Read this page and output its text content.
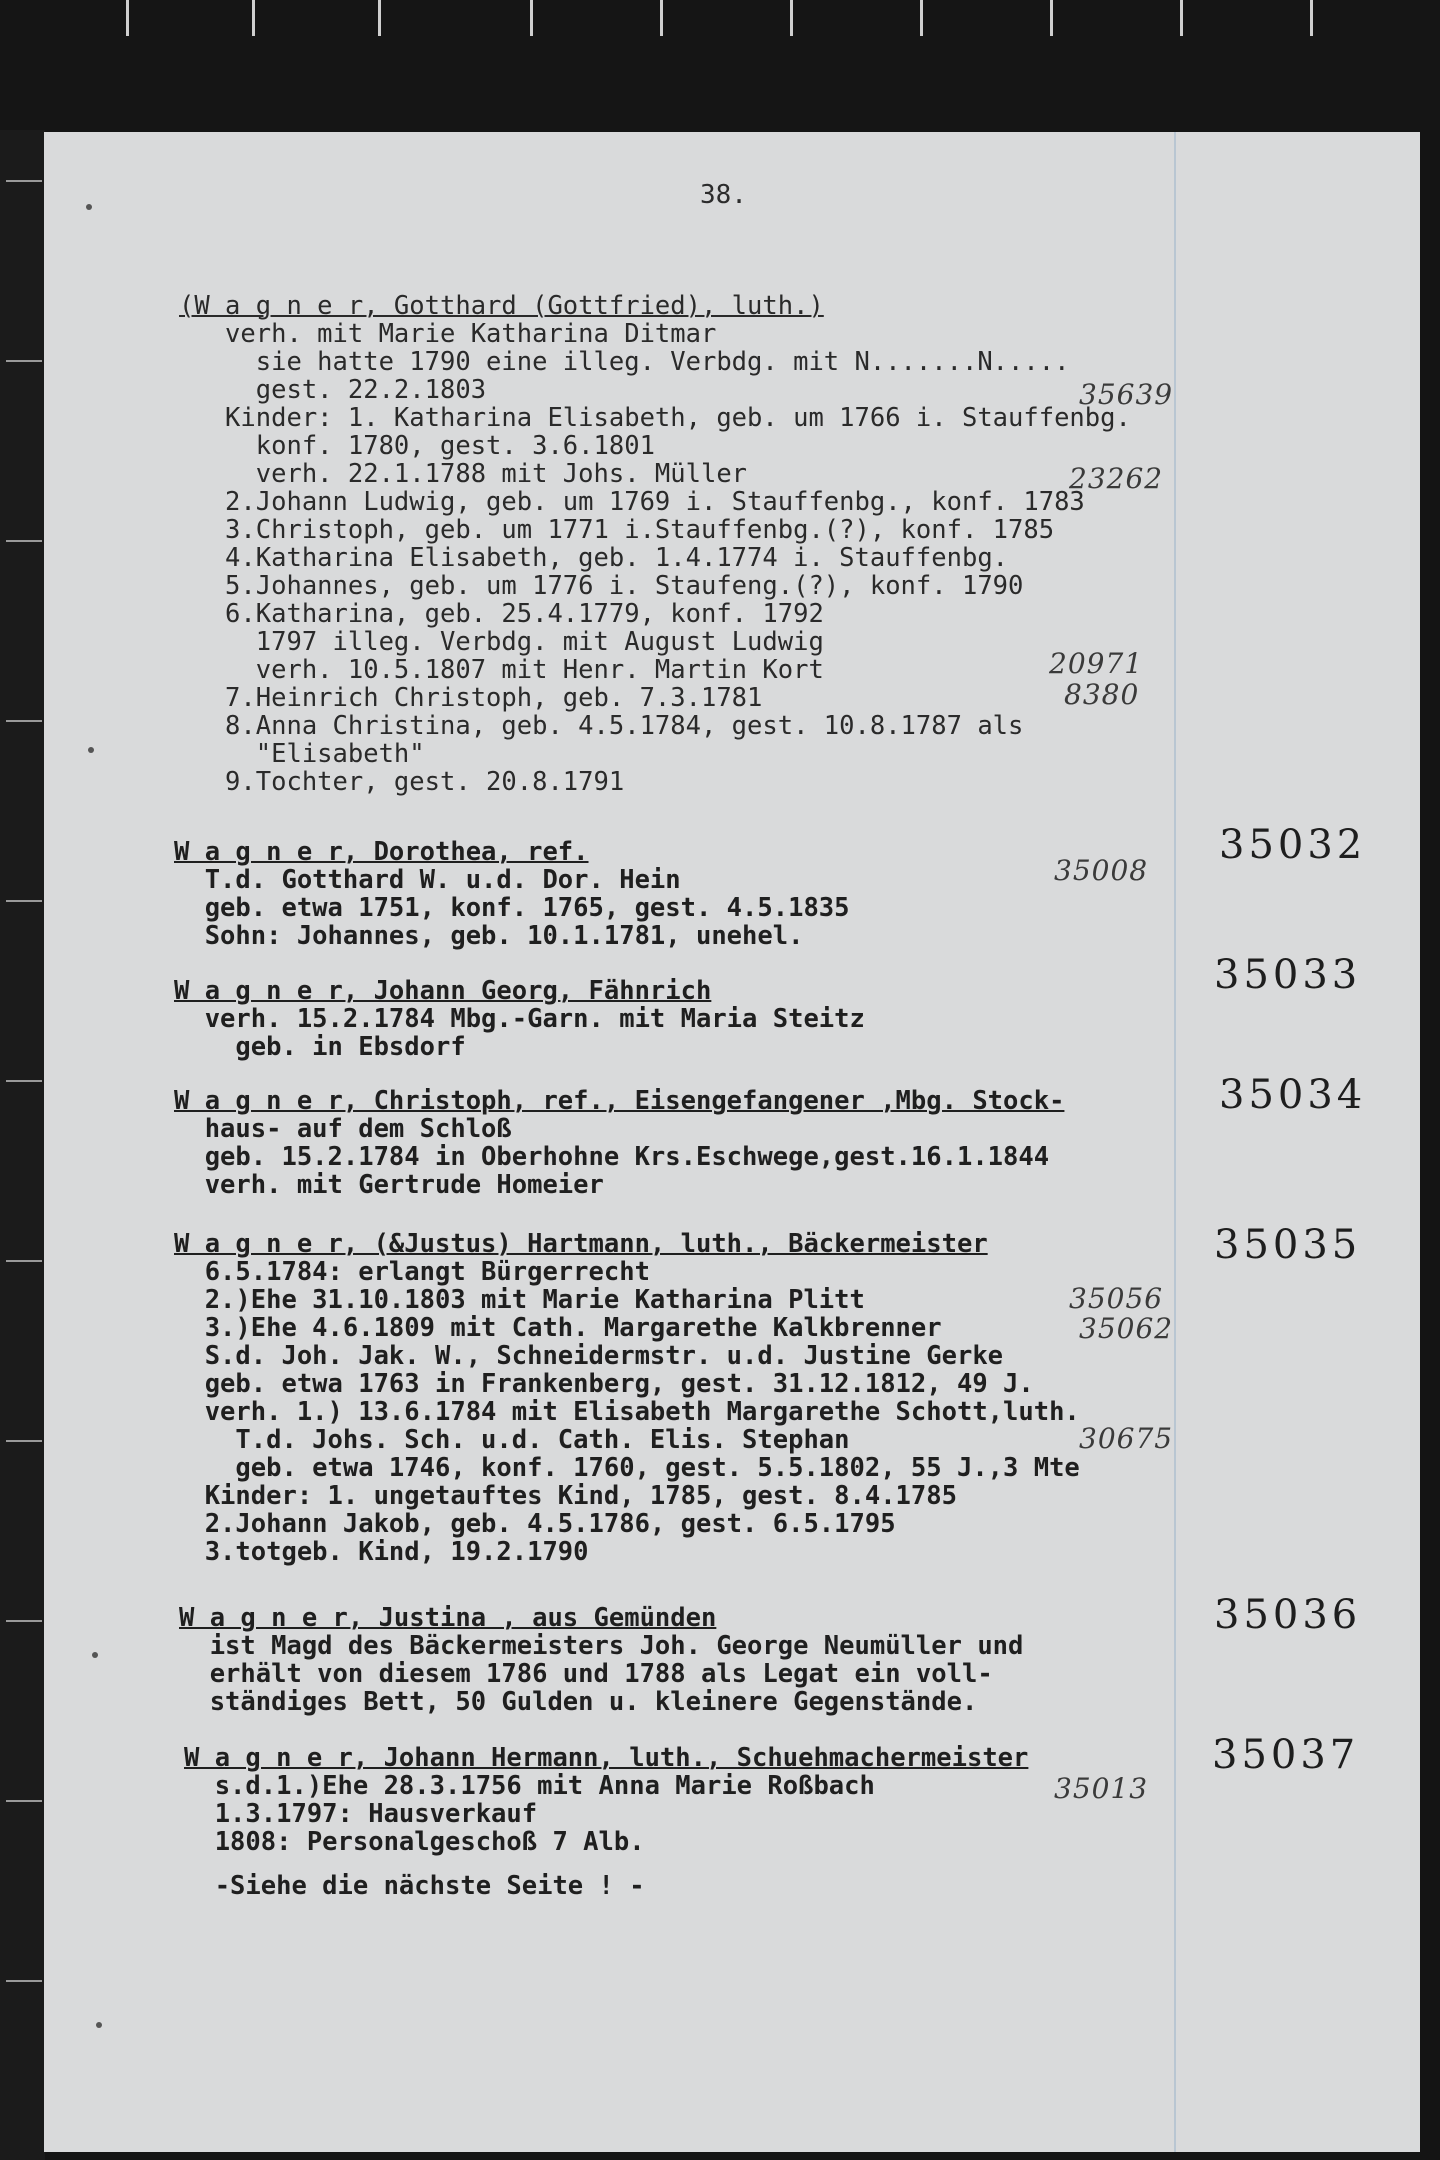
38.
(W a g n e r, Gotthard (Gottfried), luth.)
verh. mit Marie Katharina Ditmar
sie hatte 1790 eine illeg. Verbdg. mit N.......N.....
gest. 22.2.1803
Kinder: 1. Katharina Elisabeth, geb. um 1766 i. Stauffenbg.
konf. 1780, gest. 3.6.1801
verh. 22.1.1788 mit Johs. Müller
2.Johann Ludwig, geb. um 1769 i. Stauffenbg., konf. 1783
3.Christoph, geb. um 1771 i.Stauffenbg.(?), konf. 1785
4.Katharina Elisabeth, geb. 1.4.1774 i. Stauffenbg.
5.Johannes, geb. um 1776 i. Staufeng.(?), konf. 1790
6.Katharina, geb. 25.4.1779, konf. 1792
1797 illeg. Verbdg. mit August Ludwig
verh. 10.5.1807 mit Henr. Martin Kort
7.Heinrich Christoph, geb. 7.3.1781
8.Anna Christina, geb. 4.5.1784, gest. 10.8.1787 als
"Elisabeth"
9.Tochter, gest. 20.8.1791
35639
23262
20971
8380
W a g n e r, Dorothea, ref.
T.d. Gotthard W. u.d. Dor. Hein
geb. etwa 1751, konf. 1765, gest. 4.5.1835
Sohn: Johannes, geb. 10.1.1781, unehel.
35032
35008
W a g n e r, Johann Georg, Fähnrich
verh. 15.2.1784 Mbg.-Garn. mit Maria Steitz
geb. in Ebsdorf
35033
W a g n e r, Christoph, ref., Eisengefangener ,Mbg. Stock-
haus- auf dem Schloß
geb. 15.2.1784 in Oberhohne Krs.Eschwege,gest.16.1.1844
verh. mit Gertrude Homeier
35034
W a g n e r, (&Justus) Hartmann, luth., Bäckermeister
6.5.1784: erlangt Bürgerrecht
2.)Ehe 31.10.1803 mit Marie Katharina Plitt
3.)Ehe 4.6.1809 mit Cath. Margarethe Kalkbrenner
S.d. Joh. Jak. W., Schneidermstr. u.d. Justine Gerke
geb. etwa 1763 in Frankenberg, gest. 31.12.1812, 49 J.
verh. 1.) 13.6.1784 mit Elisabeth Margarethe Schott,luth.
T.d. Johs. Sch. u.d. Cath. Elis. Stephan
geb. etwa 1746, konf. 1760, gest. 5.5.1802, 55 J.,3 Mte
Kinder: 1. ungetauftes Kind, 1785, gest. 8.4.1785
2.Johann Jakob, geb. 4.5.1786, gest. 6.5.1795
3.totgeb. Kind, 19.2.1790
35035
35056
35062
30675
W a g n e r, Justina , aus Gemünden
ist Magd des Bäckermeisters Joh. George Neumüller und
erhält von diesem 1786 und 1788 als Legat ein voll-
ständiges Bett, 50 Gulden u. kleinere Gegenstände.
35036
W a g n e r, Johann Hermann, luth., Schuehmachermeister
s.d.1.)Ehe 28.3.1756 mit Anna Marie Roßbach
1.3.1797: Hausverkauf
1808: Personalgeschoß 7 Alb.
-Siehe die nächste Seite ! -
35037
35013
